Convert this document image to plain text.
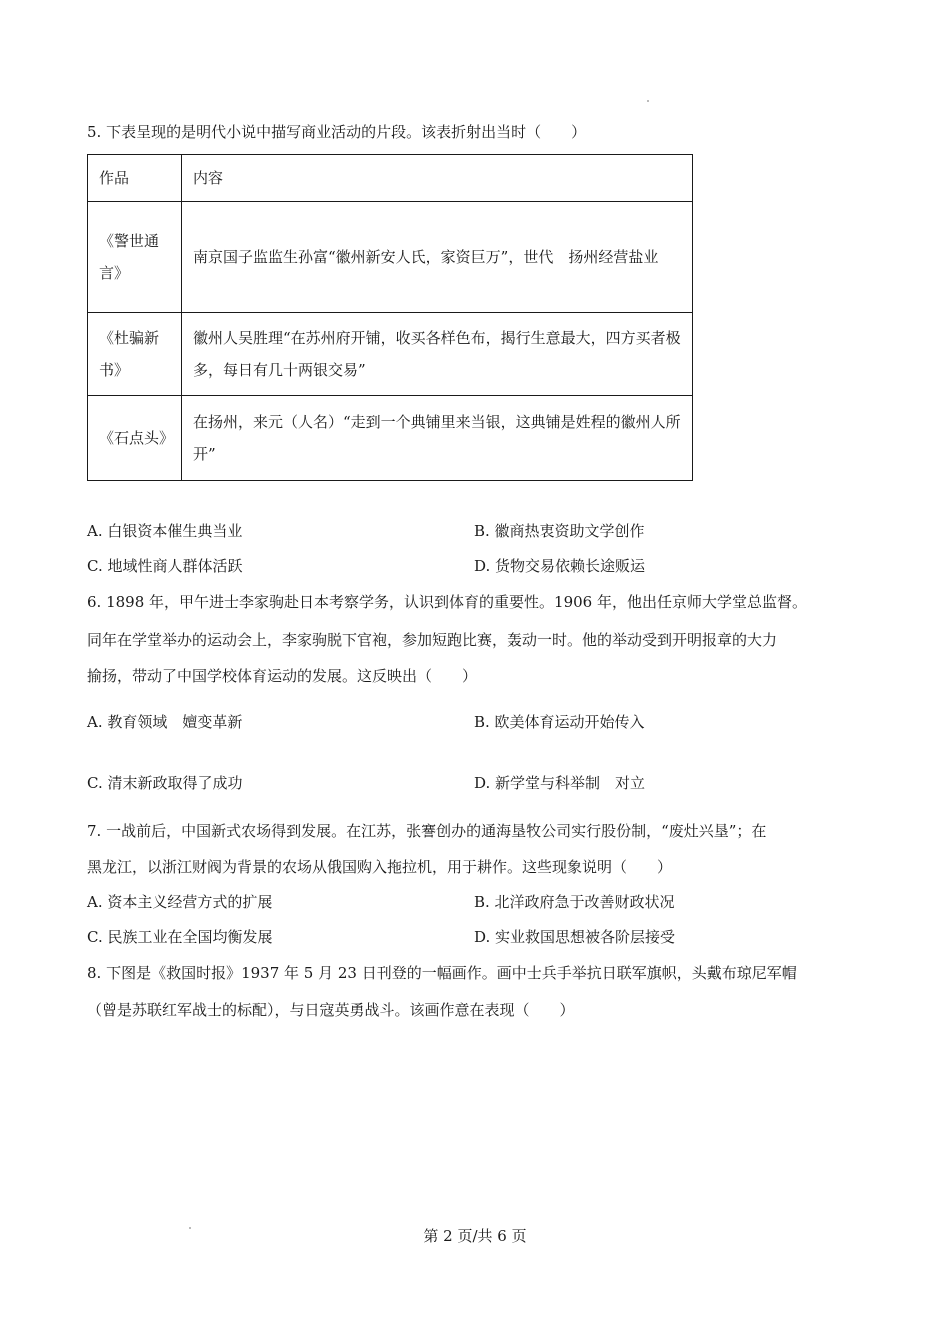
5. 下表呈现的是明代小说中描写商业活动的片段。该表折射出当时（　　）
作品	内容
《警世通言》	南京国子监监生孙富“徽州新安人氏，家资巨万”，世代　扬州经营盐业
《杜骗新书》	徽州人吴胜理“在苏州府开铺，收买各样色布，揭行生意最大，四方买者极多，每日有几十两银交易”
《石点头》	在扬州，来元（人名）“走到一个典铺里来当银，这典铺是姓程的徽州人所开”
A. 白银资本催生典当业	B. 徽商热衷资助文学创作
C. 地域性商人群体活跃	D. 货物交易依赖长途贩运
6. 1898 年，甲午进士李家驹赴日本考察学务，认识到体育的重要性。1906 年，他出任京师大学堂总监督。
同年在学堂举办的运动会上，李家驹脱下官袍，参加短跑比赛，轰动一时。他的举动受到开明报章的大力
揄扬，带动了中国学校体育运动的发展。这反映出（　　）
A. 教育领域　嬗变革新	B. 欧美体育运动开始传入
C. 清末新政取得了成功	D. 新学堂与科举制　对立
7. 一战前后，中国新式农场得到发展。在江苏，张謇创办的通海垦牧公司实行股份制，“废灶兴垦”；在
黑龙江，以浙江财阀为背景的农场从俄国购入拖拉机，用于耕作。这些现象说明（　　）
A. 资本主义经营方式的扩展	B. 北洋政府急于改善财政状况
C. 民族工业在全国均衡发展	D. 实业救国思想被各阶层接受
8. 下图是《救国时报》1937 年 5 月 23 日刊登的一幅画作。画中士兵手举抗日联军旗帜，头戴布琼尼军帽
（曾是苏联红军战士的标配），与日寇英勇战斗。该画作意在表现（　　）
第 2 页/共 6 页
